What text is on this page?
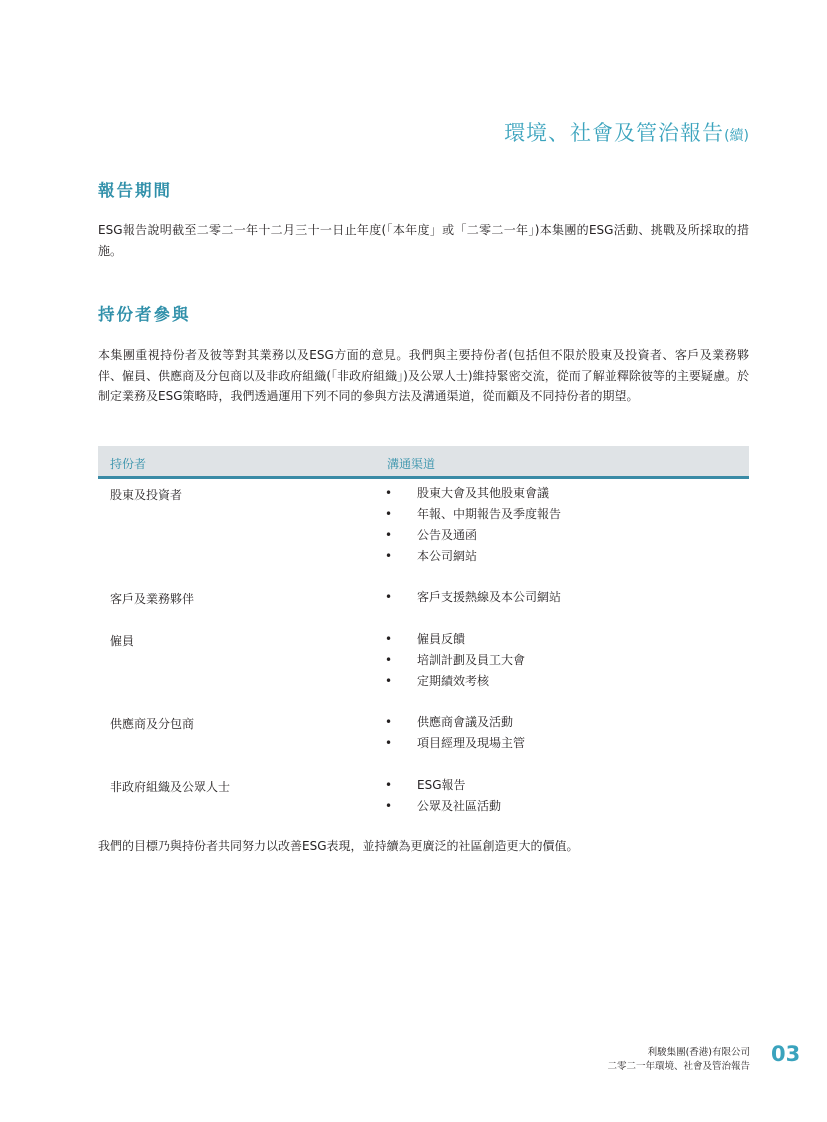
環境、社會及管治報告(續)
報告期間
ESG報告說明截至二零二一年十二月三十一日止年度(「本年度」或「二零二一年」)本集團的ESG活動、挑戰及所採取的措施。
持份者參與
本集團重視持份者及彼等對其業務以及ESG方面的意見。我們與主要持份者(包括但不限於股東及投資者、客戶及業務夥伴、僱員、供應商及分包商以及非政府組織(「非政府組織」)及公眾人士)維持緊密交流，從而了解並釋除彼等的主要疑慮。於制定業務及ESG策略時，我們透過運用下列不同的參與方法及溝通渠道，從而顧及不同持份者的期望。
持份者	溝通渠道
股東及投資者	• 股東大會及其他股東會議
• 年報、中期報告及季度報告
• 公告及通函
• 本公司網站
客戶及業務夥伴	• 客戶支援熱線及本公司網站
僱員	• 僱員反饋
• 培訓計劃及員工大會
• 定期績效考核
供應商及分包商	• 供應商會議及活動
• 項目經理及現場主管
非政府組織及公眾人士	• ESG報告
• 公眾及社區活動
我們的目標乃與持份者共同努力以改善ESG表現，並持續為更廣泛的社區創造更大的價值。
利駿集團(香港)有限公司
二零二一年環境、社會及管治報告
03
